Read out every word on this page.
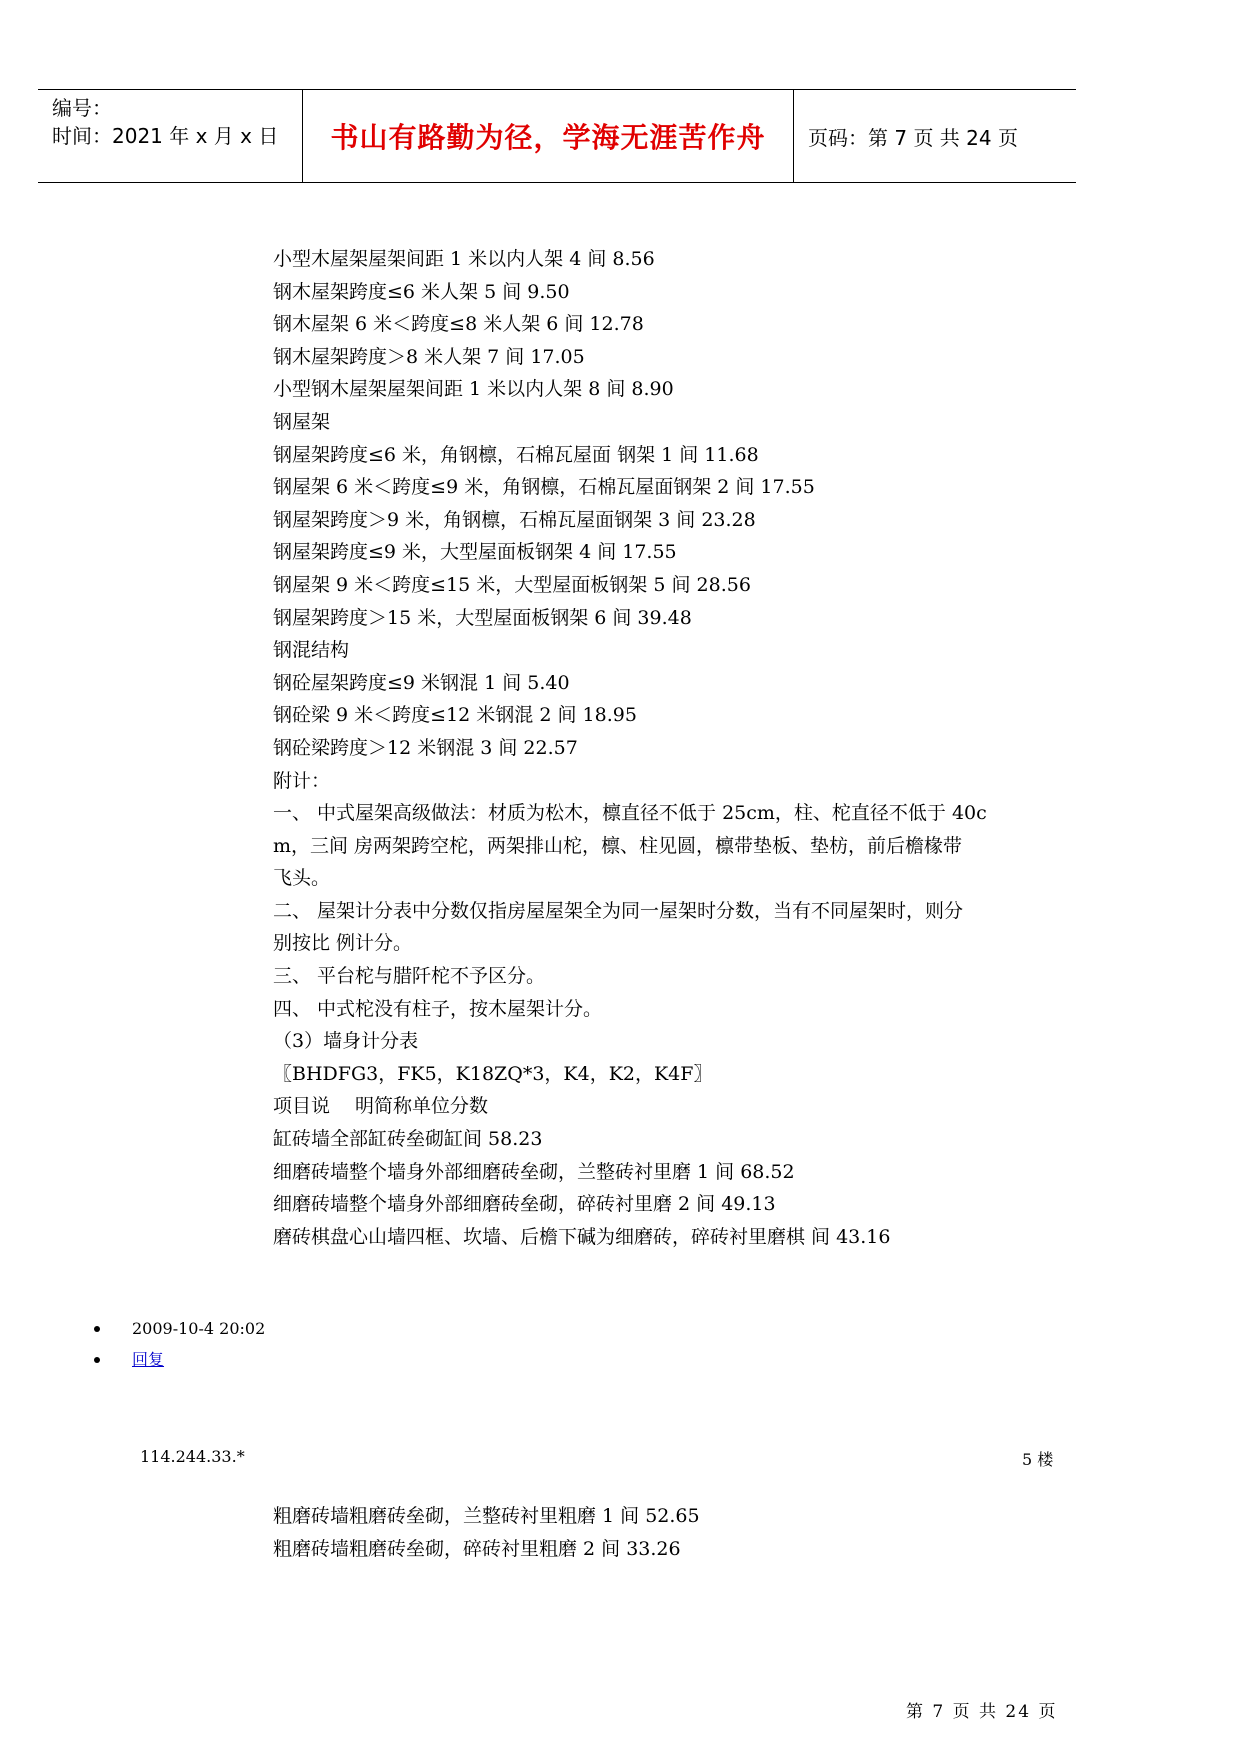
编号：
时间：2021 年 x 月 x 日	书山有路勤为径，学海无涯苦作舟 页码：第 7 页 共 24 页

小型木屋架屋架间距 1 米以内人架 4 间 8.56

钢木屋架跨度≤6 米人架 5 间 9.50

钢木屋架 6 米＜跨度≤8 米人架 6 间 12.78

钢木屋架跨度＞8 米人架 7 间 17.05

小型钢木屋架屋架间距 1 米以内人架 8 间 8.90

钢屋架

钢屋架跨度≤6 米，角钢檩，石棉瓦屋面 钢架 1 间 11.68

钢屋架 6 米＜跨度≤9 米，角钢檩，石棉瓦屋面钢架 2 间 17.55

钢屋架跨度＞9 米，角钢檩，石棉瓦屋面钢架 3 间 23.28

钢屋架跨度≤9 米，大型屋面板钢架 4 间 17.55

钢屋架 9 米＜跨度≤15 米，大型屋面板钢架 5 间 28.56

钢屋架跨度＞15 米，大型屋面板钢架 6 间 39.48

钢混结构

钢砼屋架跨度≤9 米钢混 1 间 5.40

钢砼梁 9 米＜跨度≤12 米钢混 2 间 18.95

钢砼梁跨度＞12 米钢混 3 间 22.57

附计：

一、 中式屋架高级做法：材质为松木，檩直径不低于 25cm，柱、柁直径不低于 40c

m，三间 房两架跨空柁，两架排山柁，檩、柱见圆，檩带垫板、垫枋，前后檐椽带

飞头。

二、 屋架计分表中分数仅指房屋屋架全为同一屋架时分数，当有不同屋架时，则分

别按比 例计分。

三、 平台柁与腊阡柁不予区分。

四、 中式柁没有柱子，按木屋架计分。

（3）墙身计分表

〖BHDFG3，FK5，K18ZQ*3，K4，K2，K4F〗

项目说　 明简称单位分数

缸砖墙全部缸砖垒砌缸间 58.23

细磨砖墙整个墙身外部细磨砖垒砌，兰整砖衬里磨 1 间 68.52

细磨砖墙整个墙身外部细磨砖垒砌，碎砖衬里磨 2 间 49.13

磨砖棋盘心山墙四框、坎墙、后檐下碱为细磨砖，碎砖衬里磨棋 间 43.16

2009-10-4 20:02
回复
114.244.33.*	5 楼

粗磨砖墙粗磨砖垒砌，兰整砖衬里粗磨 1 间 52.65

粗磨砖墙粗磨砖垒砌，碎砖衬里粗磨 2 间 33.26

第 7 页 共 24 页
